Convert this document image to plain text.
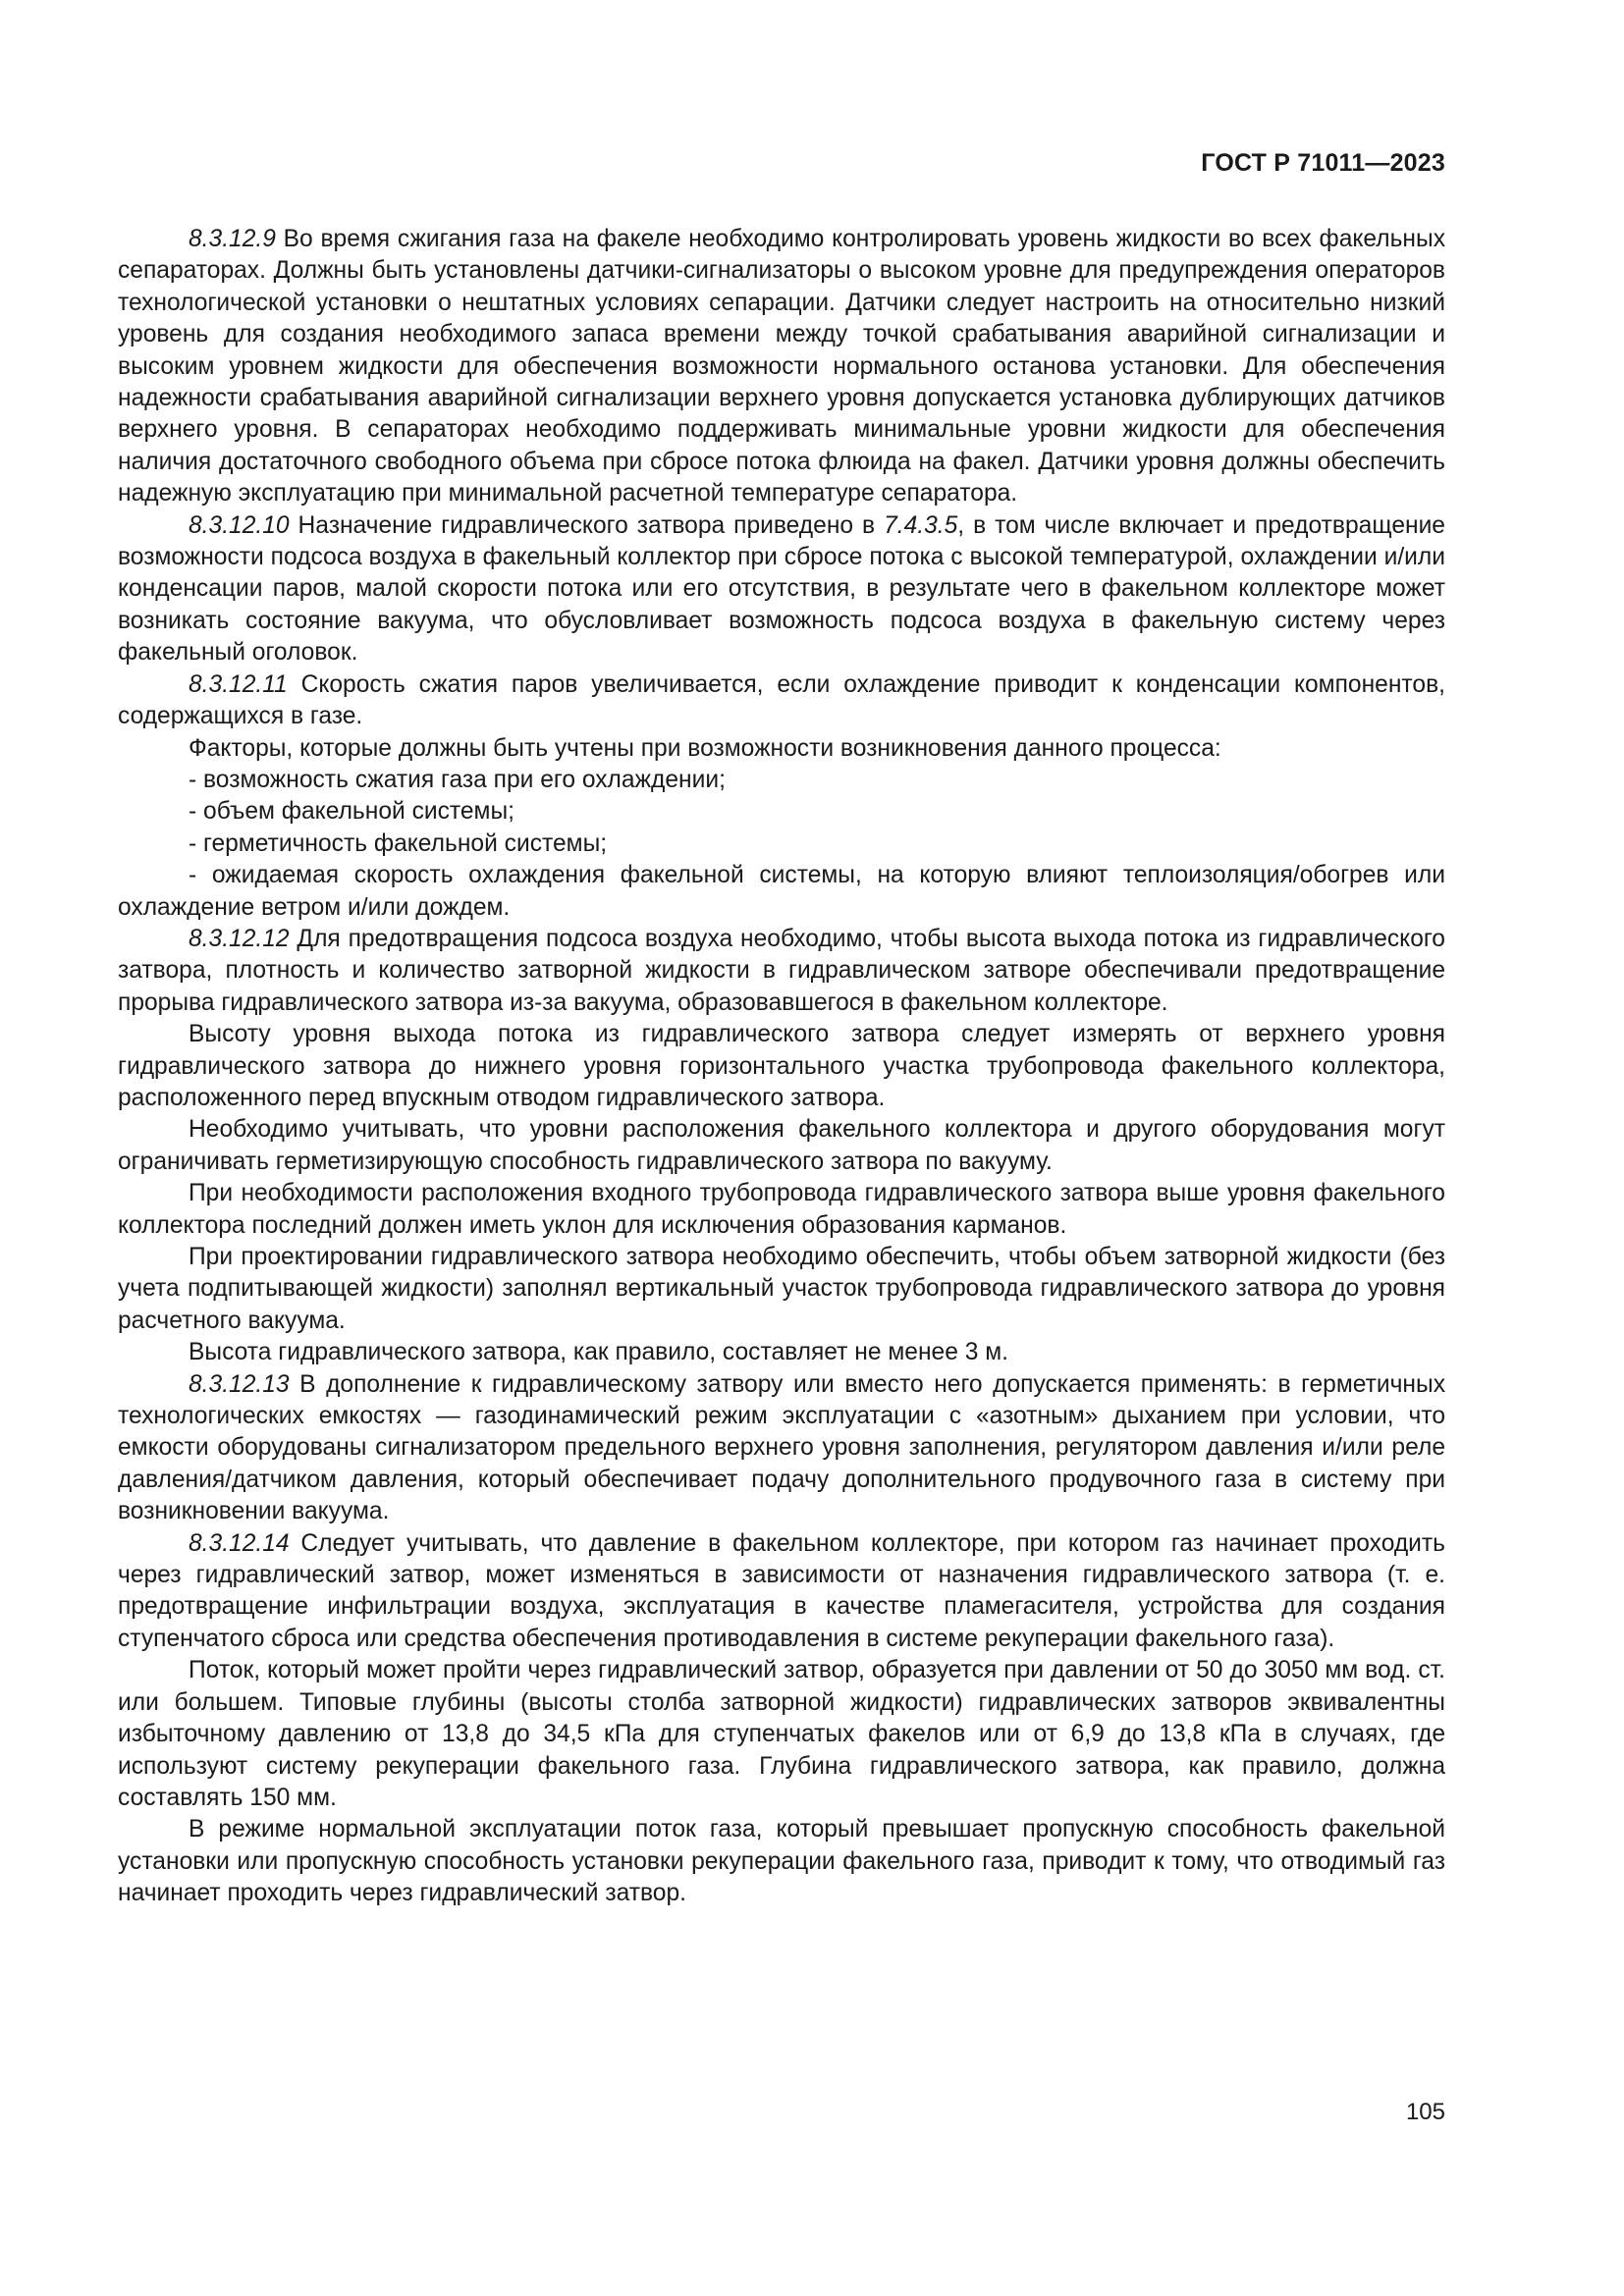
ГОСТ Р 71011—2023

8.3.12.9 Во время сжигания газа на факеле необходимо контролировать уровень жидкости во всех факельных сепараторах. Должны быть установлены датчики-сигнализаторы о высоком уровне для предупреждения операторов технологической установки о нештатных условиях сепарации. Датчики следует настроить на относительно низкий уровень для создания необходимого запаса времени между точкой срабатывания аварийной сигнализации и высоким уровнем жидкости для обеспечения возможности нормального останова установки. Для обеспечения надежности срабатывания аварийной сигнализации верхнего уровня допускается установка дублирующих датчиков верхнего уровня. В сепараторах необходимо поддерживать минимальные уровни жидкости для обеспечения наличия достаточного свободного объема при сбросе потока флюида на факел. Датчики уровня должны обеспечить надежную эксплуатацию при минимальной расчетной температуре сепаратора.

8.3.12.10 Назначение гидравлического затвора приведено в 7.4.3.5, в том числе включает и предотвращение возможности подсоса воздуха в факельный коллектор при сбросе потока с высокой температурой, охлаждении и/или конденсации паров, малой скорости потока или его отсутствия, в результате чего в факельном коллекторе может возникать состояние вакуума, что обусловливает возможность подсоса воздуха в факельную систему через факельный оголовок.

8.3.12.11 Скорость сжатия паров увеличивается, если охлаждение приводит к конденсации компонентов, содержащихся в газе.

Факторы, которые должны быть учтены при возможности возникновения данного процесса:

- возможность сжатия газа при его охлаждении;

- объем факельной системы;

- герметичность факельной системы;

- ожидаемая скорость охлаждения факельной системы, на которую влияют теплоизоляция/обогрев или охлаждение ветром и/или дождем.

8.3.12.12 Для предотвращения подсоса воздуха необходимо, чтобы высота выхода потока из гидравлического затвора, плотность и количество затворной жидкости в гидравлическом затворе обеспечивали предотвращение прорыва гидравлического затвора из-за вакуума, образовавшегося в факельном коллекторе.

Высоту уровня выхода потока из гидравлического затвора следует измерять от верхнего уровня гидравлического затвора до нижнего уровня горизонтального участка трубопровода факельного коллектора, расположенного перед впускным отводом гидравлического затвора.

Необходимо учитывать, что уровни расположения факельного коллектора и другого оборудования могут ограничивать герметизирующую способность гидравлического затвора по вакууму.

При необходимости расположения входного трубопровода гидравлического затвора выше уровня факельного коллектора последний должен иметь уклон для исключения образования карманов.

При проектировании гидравлического затвора необходимо обеспечить, чтобы объем затворной жидкости (без учета подпитывающей жидкости) заполнял вертикальный участок трубопровода гидравлического затвора до уровня расчетного вакуума.

Высота гидравлического затвора, как правило, составляет не менее 3 м.

8.3.12.13 В дополнение к гидравлическому затвору или вместо него допускается применять: в герметичных технологических емкостях — газодинамический режим эксплуатации с «азотным» дыханием при условии, что емкости оборудованы сигнализатором предельного верхнего уровня заполнения, регулятором давления и/или реле давления/датчиком давления, который обеспечивает подачу дополнительного продувочного газа в систему при возникновении вакуума.

8.3.12.14 Следует учитывать, что давление в факельном коллекторе, при котором газ начинает проходить через гидравлический затвор, может изменяться в зависимости от назначения гидравлического затвора (т. е. предотвращение инфильтрации воздуха, эксплуатация в качестве пламегасителя, устройства для создания ступенчатого сброса или средства обеспечения противодавления в системе рекуперации факельного газа).

Поток, который может пройти через гидравлический затвор, образуется при давлении от 50 до 3050 мм вод. ст. или большем. Типовые глубины (высоты столба затворной жидкости) гидравлических затворов эквивалентны избыточному давлению от 13,8 до 34,5 кПа для ступенчатых факелов или от 6,9 до 13,8 кПа в случаях, где используют систему рекуперации факельного газа. Глубина гидравлического затвора, как правило, должна составлять 150 мм.

В режиме нормальной эксплуатации поток газа, который превышает пропускную способность факельной установки или пропускную способность установки рекуперации факельного газа, приводит к тому, что отводимый газ начинает проходить через гидравлический затвор.

105
